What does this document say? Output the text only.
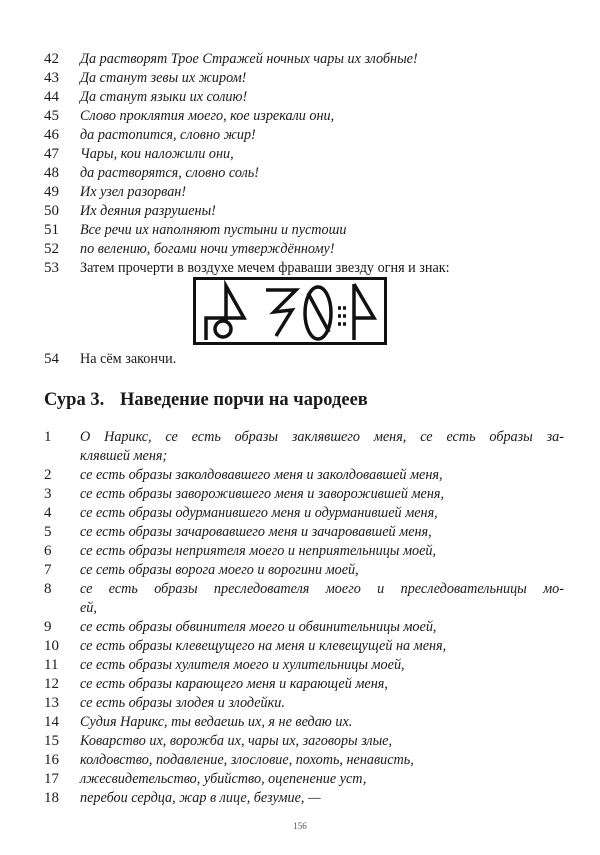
42	Да растворят Трое Стражей ночных чары их злобные!
43	Да станут зевы их жиром!
44	Да станут языки их солию!
45	Слово проклятия моего, кое изрекали они,
46	да растопится, словно жир!
47	Чары, кои наложили они,
48	да растворятся, словно соль!
49	Их узел разорван!
50	Их деяния разрушены!
51	Все речи их наполняют пустыни и пустоши
52	по велению, богами ночи утверждённому!
53	Затем прочерти в воздухе мечем фраваши звезду огня и знак:
54	На сём закончи.
Сура 3. Наведение порчи на чародеев
1	О Нарикс, се есть образы заклявшего меня, се есть образы за-
клявшей меня;
2	се есть образы заколдовавшего меня и заколдовавшей меня,
3	се есть образы заворожившего меня и заворожившей меня,
4	се есть образы одурманившего меня и одурманившей меня,
5	се есть образы зачаровавшего меня и зачаровавшей меня,
6	се есть образы неприятеля моего и неприятельницы моей,
7	се сеть образы ворога моего и ворогини моей,
8	се есть образы преследователя моего и преследовательницы мо-
ей,
9	се есть образы обвинителя моего и обвинительницы моей,
10	се есть образы клевещущего на меня и клевещущей на меня,
11	се есть образы хулителя моего и хулительницы моей,
12	се есть образы карающего меня и карающей меня,
13	се есть образы злодея и злодейки.
14	Судия Нарикс, ты ведаешь их, я не ведаю их.
15	Коварство их, ворожба их, чары их, заговоры злые,
16	колдовство, подавление, злословие, похоть, ненависть,
17	лжесвидетельство, убийство, оцепенение уст,
18	перебои сердца, жар в лице, безумие, —
156
